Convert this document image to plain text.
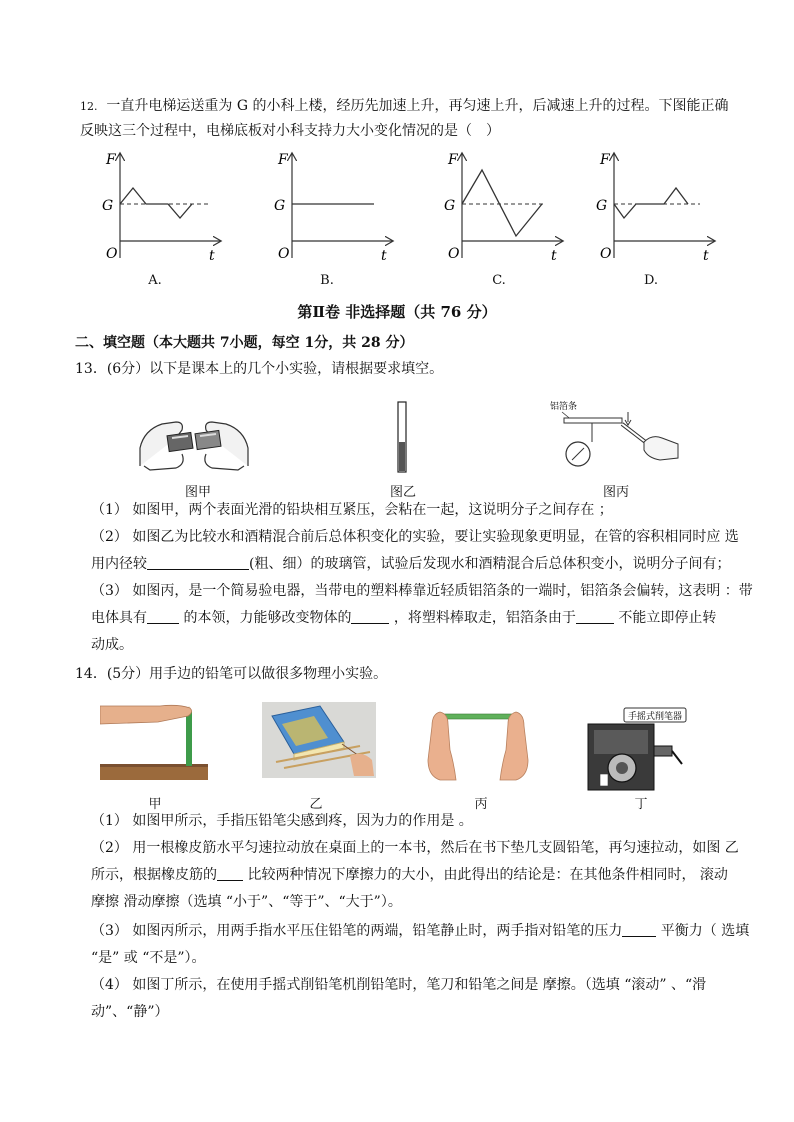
12. 一直升电梯运送重为 G 的小科上楼，经历先加速上升，再匀速上升，后减速上升的过程。下图能正确
反映这三个过程中，电梯底板对小科支持力大小变化情况的是（　）
F
G
O	t
A.
F
G
O	t
B.
F
G
O	t
C.
F
G
O	t
D.
第Ⅱ卷 非选择题（共 76 分）
二、填空题（本大题共 7小题，每空 1分，共 28 分）
13．(6分）以下是课本上的几个小实验，请根据要求填空。
铝箔条
图甲	图乙	图丙
（1） 如图甲，两个表面光滑的铅块相互紧压，会粘在一起，这说明分子之间存在 ；
（2） 如图乙为比较水和酒精混合前后总体积变化的实验，要让实验现象更明显，在管的容积相同时应 选
用内径较	(粗、细）的玻璃管，试验后发现水和酒精混合后总体积变小，说明分子间有；
（3） 如图丙，是一个简易验电器，当带电的塑料棒靠近轻质铝箔条的一端时，铝箔条会偏转，这表明 ：带
电体具有 的本领，力能够改变物体的	，将塑料棒取走，铝箔条由于	不能立即停止转
动成。
14．(5分）用手边的铅笔可以做很多物理小实验。
手摇式削笔器
甲	乙	丙	丁
（1） 如图甲所示，手指压铅笔尖感到疼，因为力的作用是 。
（2） 用一根橡皮筋水平匀速拉动放在桌面上的一本书，然后在书下垫几支圆铅笔，再匀速拉动，如图 乙
所示，根据橡皮筋的 比较两种情况下摩擦力的大小，由此得出的结论是：在其他条件相同时， 滚动
摩擦 滑动摩擦（选填 “小于”、“等于”、“大于”）。
（3） 如图丙所示，用两手指水平压住铅笔的两端，铅笔静止时，两手指对铅笔的压力 平衡力（ 选填
“是” 或 “不是”）。
（4） 如图丁所示，在使用手摇式削铅笔机削铅笔时，笔刀和铅笔之间是 摩擦。（选填 “滚动” 、“滑
动”、“静”）
